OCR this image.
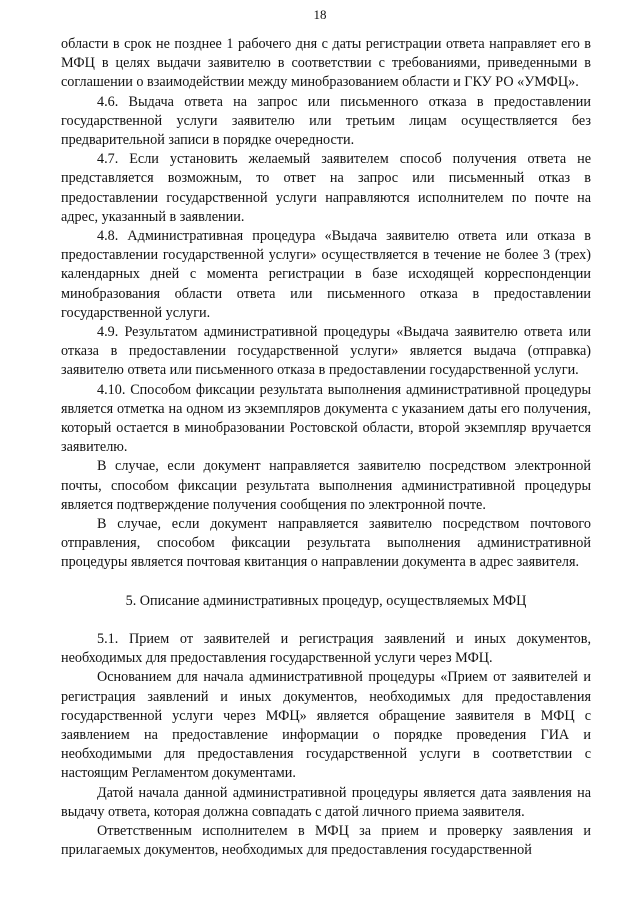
18

области в срок не позднее 1 рабочего дня с даты регистрации ответа направляет его в МФЦ в целях выдачи заявителю в соответствии с требованиями, приведенными в соглашении о взаимодействии между минобразованием области и ГКУ РО «УМФЦ».

4.6. Выдача ответа на запрос или письменного отказа в предоставлении государственной услуги заявителю или третьим лицам осуществляется без предварительной записи в порядке очередности.

4.7. Если установить желаемый заявителем способ получения ответа не представляется возможным, то ответ на запрос или письменный отказ в предоставлении государственной услуги направляются исполнителем по почте на адрес, указанный в заявлении.

4.8. Административная процедура «Выдача заявителю ответа или отказа в предоставлении государственной услуги» осуществляется в течение не более 3 (трех) календарных дней с момента регистрации в базе исходящей корреспонденции минобразования области ответа или письменного отказа в предоставлении государственной услуги.

4.9. Результатом административной процедуры «Выдача заявителю ответа или отказа в предоставлении государственной услуги» является выдача (отправка) заявителю ответа или письменного отказа в предоставлении государственной услуги.

4.10. Способом фиксации результата выполнения административной процедуры является отметка на одном из экземпляров документа с указанием даты его получения, который остается в минобразовании Ростовской области, второй экземпляр вручается заявителю.

В случае, если документ направляется заявителю посредством электронной почты, способом фиксации результата выполнения административной процедуры является подтверждение получения сообщения по электронной почте.

В случае, если документ направляется заявителю посредством почтового отправления, способом фиксации результата выполнения административной процедуры является почтовая квитанция о направлении документа в адрес заявителя.

5. Описание административных процедур, осуществляемых МФЦ

5.1. Прием от заявителей и регистрация заявлений и иных документов, необходимых для предоставления государственной услуги через МФЦ.

Основанием для начала административной процедуры «Прием от заявителей и регистрация заявлений и иных документов, необходимых для предоставления государственной услуги через МФЦ» является обращение заявителя в МФЦ с заявлением на предоставление информации о порядке проведения ГИА и необходимыми для предоставления государственной услуги в соответствии с настоящим Регламентом документами.

Датой начала данной административной процедуры является дата заявления на выдачу ответа, которая должна совпадать с датой личного приема заявителя.

Ответственным исполнителем в МФЦ за прием и проверку заявления и прилагаемых документов, необходимых для предоставления государственной
